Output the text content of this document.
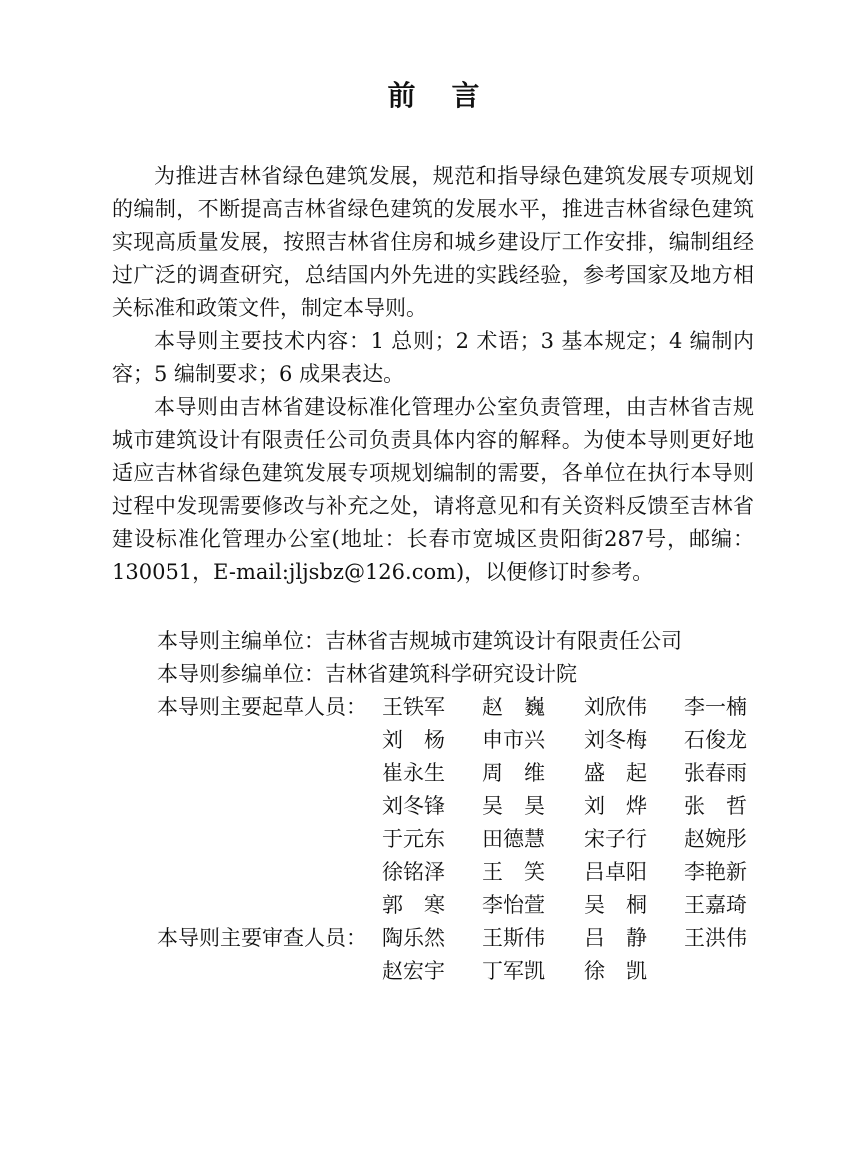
前言

为推进吉林省绿色建筑发展，规范和指导绿色建筑发展专项规划的编制，不断提高吉林省绿色建筑的发展水平，推进吉林省绿色建筑实现高质量发展，按照吉林省住房和城乡建设厅工作安排，编制组经过广泛的调查研究，总结国内外先进的实践经验，参考国家及地方相关标准和政策文件，制定本导则。

本导则主要技术内容：1 总则；2 术语；3 基本规定；4 编制内容；5 编制要求；6 成果表达。

本导则由吉林省建设标准化管理办公室负责管理，由吉林省吉规城市建筑设计有限责任公司负责具体内容的解释。为使本导则更好地适应吉林省绿色建筑发展专项规划编制的需要，各单位在执行本导则过程中发现需要修改与补充之处，请将意见和有关资料反馈至吉林省建设标准化管理办公室(地址：长春市宽城区贵阳街287号，邮编：130051，E-mail:jljsbz@126.com)，以便修订时参考。

本导则主编单位：吉林省吉规城市建筑设计有限责任公司
本导则参编单位：吉林省建筑科学研究设计院
本导则主要起草人员： 王铁军	赵　巍	刘欣伟	李一楠
刘　杨	申市兴	刘冬梅	石俊龙
崔永生	周　维	盛　起	张春雨
刘冬锋	吴　昊	刘　烨	张　哲
于元东	田德慧	宋子行	赵婉彤
徐铭泽	王　笑	吕卓阳	李艳新
郭　寒	李怡萱	吴　桐	王嘉琦
本导则主要审查人员： 陶乐然	王斯伟	吕　静	王洪伟
赵宏宇	丁军凯	徐　凯
